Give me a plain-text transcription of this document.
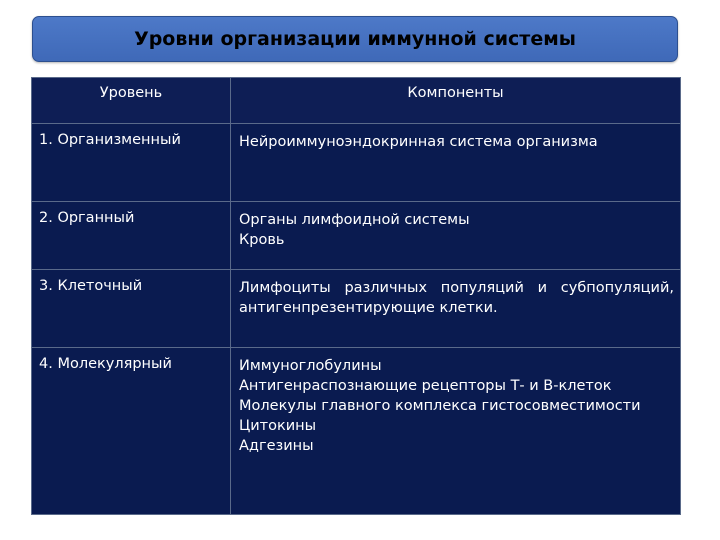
Уровни организации иммунной системы
Уровень	Компоненты
1. Организменный	Нейроиммуноэндокринная система организма

2. Органный	Органы лимфоидной системы
Кровь

3. Клеточный	Лимфоциты различных популяций и субпопуляций, антигенпрезентирующие клетки.

4. Молекулярный	Иммуноглобулины
Антигенраспознающие рецепторы Т- и В-клеток
Молекулы главного комплекса гистосовместимости
Цитокины
Адгезины
